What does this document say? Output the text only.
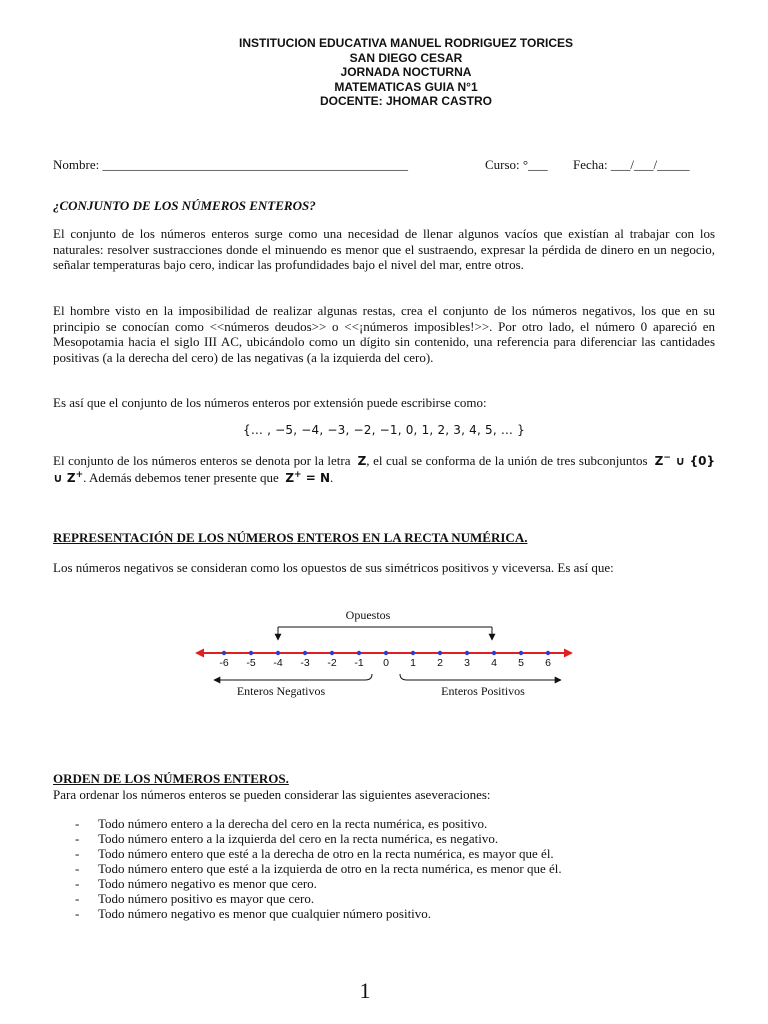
INSTITUCION EDUCATIVA MANUEL RODRIGUEZ TORICES
SAN DIEGO CESAR
JORNADA NOCTURNA
MATEMATICAS GUIA N°1
DOCENTE: JHOMAR CASTRO
Nombre: _______________________________________________	Curso: °___ Fecha: ___/___/_____
¿CONJUNTO DE LOS NÚMEROS ENTEROS?
El conjunto de los números enteros surge como una necesidad de llenar algunos vacíos que existían al trabajar con los naturales: resolver sustracciones donde el minuendo es menor que el sustraendo, expresar la pérdida de dinero en un negocio, señalar temperaturas bajo cero, indicar las profundidades bajo el nivel del mar, entre otros.
El hombre visto en la imposibilidad de realizar algunas restas, crea el conjunto de los números negativos, los que en su principio se conocían como <<números deudos>> o <<¡números imposibles!>>. Por otro lado, el número 0 apareció en Mesopotamia hacia el siglo III AC, ubicándolo como un dígito sin contenido, una referencia para diferenciar las cantidades positivas (a la derecha del cero) de las negativas (a la izquierda del cero).
Es así que el conjunto de los números enteros por extensión puede escribirse como:
{… , −5, −4, −3, −2, −1, 0, 1, 2, 3, 4, 5, … }
El conjunto de los números enteros se denota por la letra Z, el cual se conforma de la unión de tres subconjuntos Z− ∪ {0} ∪ Z+. Además debemos tener presente que Z+ = N.
REPRESENTACIÓN DE LOS NÚMEROS ENTEROS EN LA RECTA NUMÉRICA.
Los números negativos se consideran como los opuestos de sus simétricos positivos y viceversa. Es así que:
Opuestos
-6 -5 -4 -3 -2 -1 0 1 2 3 4 5 6
Enteros Negativos	Enteros Positivos
ORDEN DE LOS NÚMEROS ENTEROS.
Para ordenar los números enteros se pueden considerar las siguientes aseveraciones:
- Todo número entero a la derecha del cero en la recta numérica, es positivo.
- Todo número entero a la izquierda del cero en la recta numérica, es negativo.
- Todo número entero que esté a la derecha de otro en la recta numérica, es mayor que él.
- Todo número entero que esté a la izquierda de otro en la recta numérica, es menor que él.
- Todo número negativo es menor que cero.
- Todo número positivo es mayor que cero.
- Todo número negativo es menor que cualquier número positivo.
1
